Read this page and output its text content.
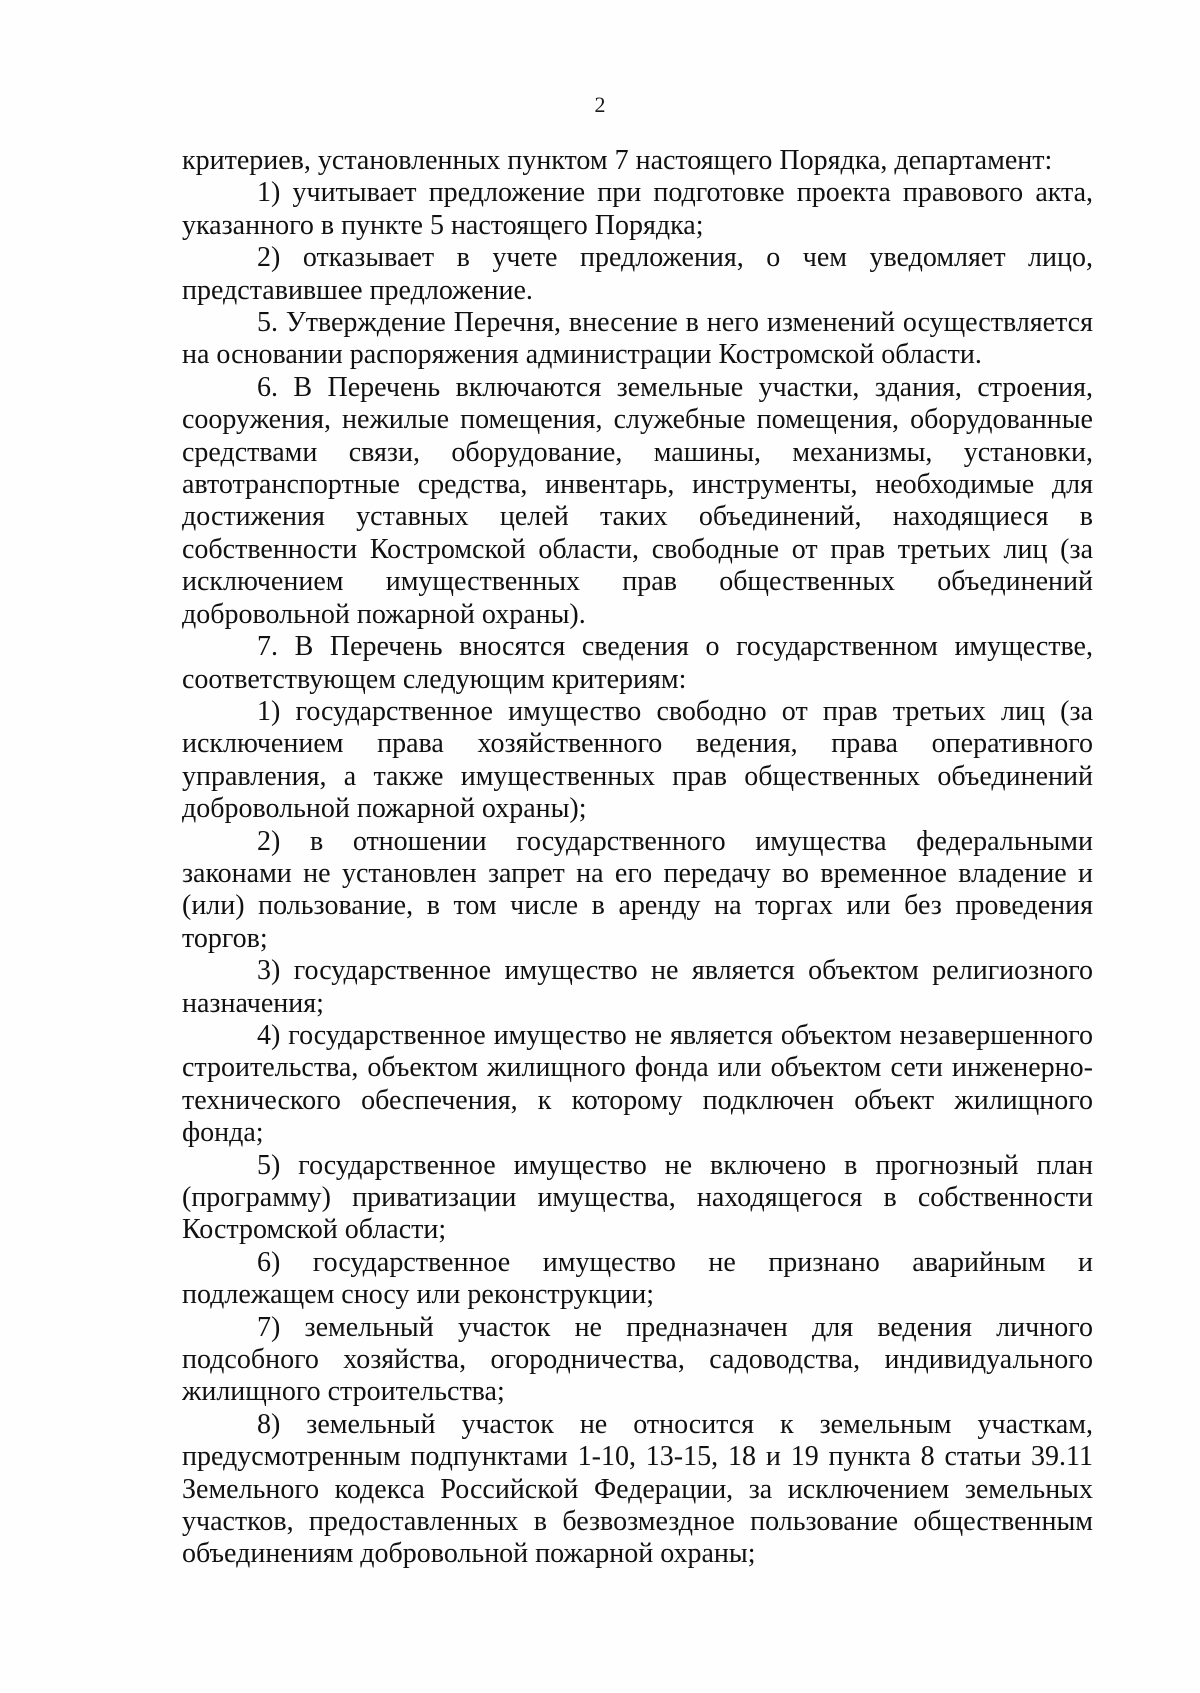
2

критериев, установленных пунктом 7 настоящего Порядка, департамент:

1) учитывает предложение при подготовке проекта правового акта, указанного в пункте 5 настоящего Порядка;

2) отказывает в учете предложения, о чем уведомляет лицо, представившее предложение.

5. Утверждение Перечня, внесение в него изменений осуществляется на основании распоряжения администрации Костромской области.

6. В Перечень включаются земельные участки, здания, строения, сооружения, нежилые помещения, служебные помещения, оборудованные средствами связи, оборудование, машины, механизмы, установки, автотранспортные средства, инвентарь, инструменты, необходимые для достижения уставных целей таких объединений, находящиеся в собственности Костромской области, свободные от прав третьих лиц (за исключением имущественных прав общественных объединений добровольной пожарной охраны).

7. В Перечень вносятся сведения о государственном имуществе, соответствующем следующим критериям:

1) государственное имущество свободно от прав третьих лиц (за исключением права хозяйственного ведения, права оперативного управления, а также имущественных прав общественных объединений добровольной пожарной охраны);

2) в отношении государственного имущества федеральными законами не установлен запрет на его передачу во временное владение и (или) пользование, в том числе в аренду на торгах или без проведения торгов;

3) государственное имущество не является объектом религиозного назначения;

4) государственное имущество не является объектом незавершенного строительства, объектом жилищного фонда или объектом сети инженерно-технического обеспечения, к которому подключен объект жилищного фонда;

5) государственное имущество не включено в прогнозный план (программу) приватизации имущества, находящегося в собственности Костромской области;

6) государственное имущество не признано аварийным и подлежащем сносу или реконструкции;

7) земельный участок не предназначен для ведения личного подсобного хозяйства, огородничества, садоводства, индивидуального жилищного строительства;

8) земельный участок не относится к земельным участкам, предусмотренным подпунктами 1-10, 13-15, 18 и 19 пункта 8 статьи 39.11 Земельного кодекса Российской Федерации, за исключением земельных участков, предоставленных в безвозмездное пользование общественным объединениям добровольной пожарной охраны;
